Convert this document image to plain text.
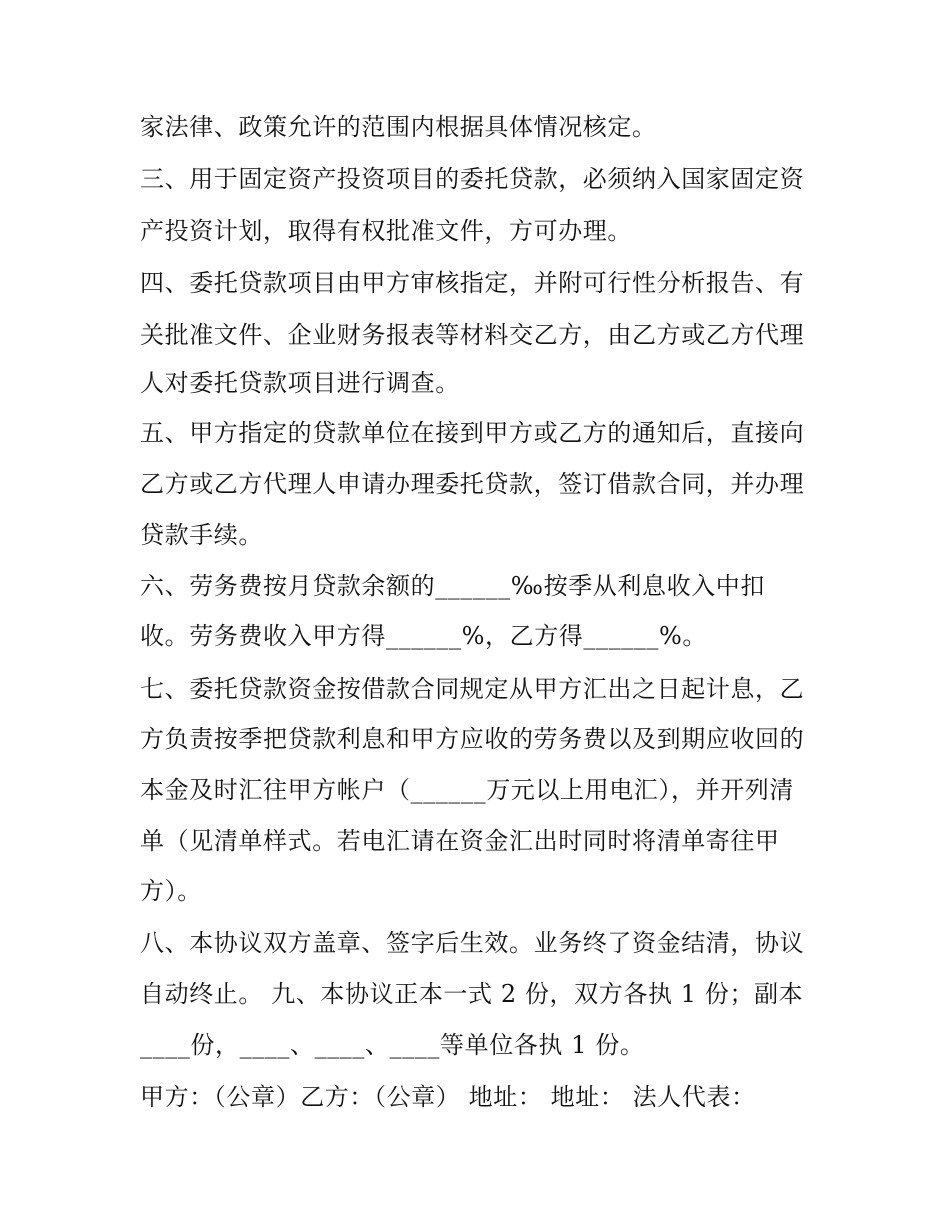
家法律、政策允许的范围内根据具体情况核定。
三、用于固定资产投资项目的委托贷款，必须纳入国家固定资
产投资计划，取得有权批准文件，方可办理。
四、委托贷款项目由甲方审核指定，并附可行性分析报告、有
关批准文件、企业财务报表等材料交乙方，由乙方或乙方代理
人对委托贷款项目进行调查。
五、甲方指定的贷款单位在接到甲方或乙方的通知后，直接向
乙方或乙方代理人申请办理委托贷款，签订借款合同，并办理
贷款手续。
六、劳务费按月贷款余额的______‰按季从利息收入中扣
收。劳务费收入甲方得______%，乙方得______%。
七、委托贷款资金按借款合同规定从甲方汇出之日起计息，乙
方负责按季把贷款利息和甲方应收的劳务费以及到期应收回的
本金及时汇往甲方帐户（______万元以上用电汇），并开列清
单（见清单样式。若电汇请在资金汇出时同时将清单寄往甲
方）。
八、本协议双方盖章、签字后生效。业务终了资金结清，协议
自动终止。 九、本协议正本一式 2 份，双方各执 1 份；副本
____份，____、____、____等单位各执 1 份。
甲方：（公章）乙方：（公章） 地址： 地址： 法人代表：
